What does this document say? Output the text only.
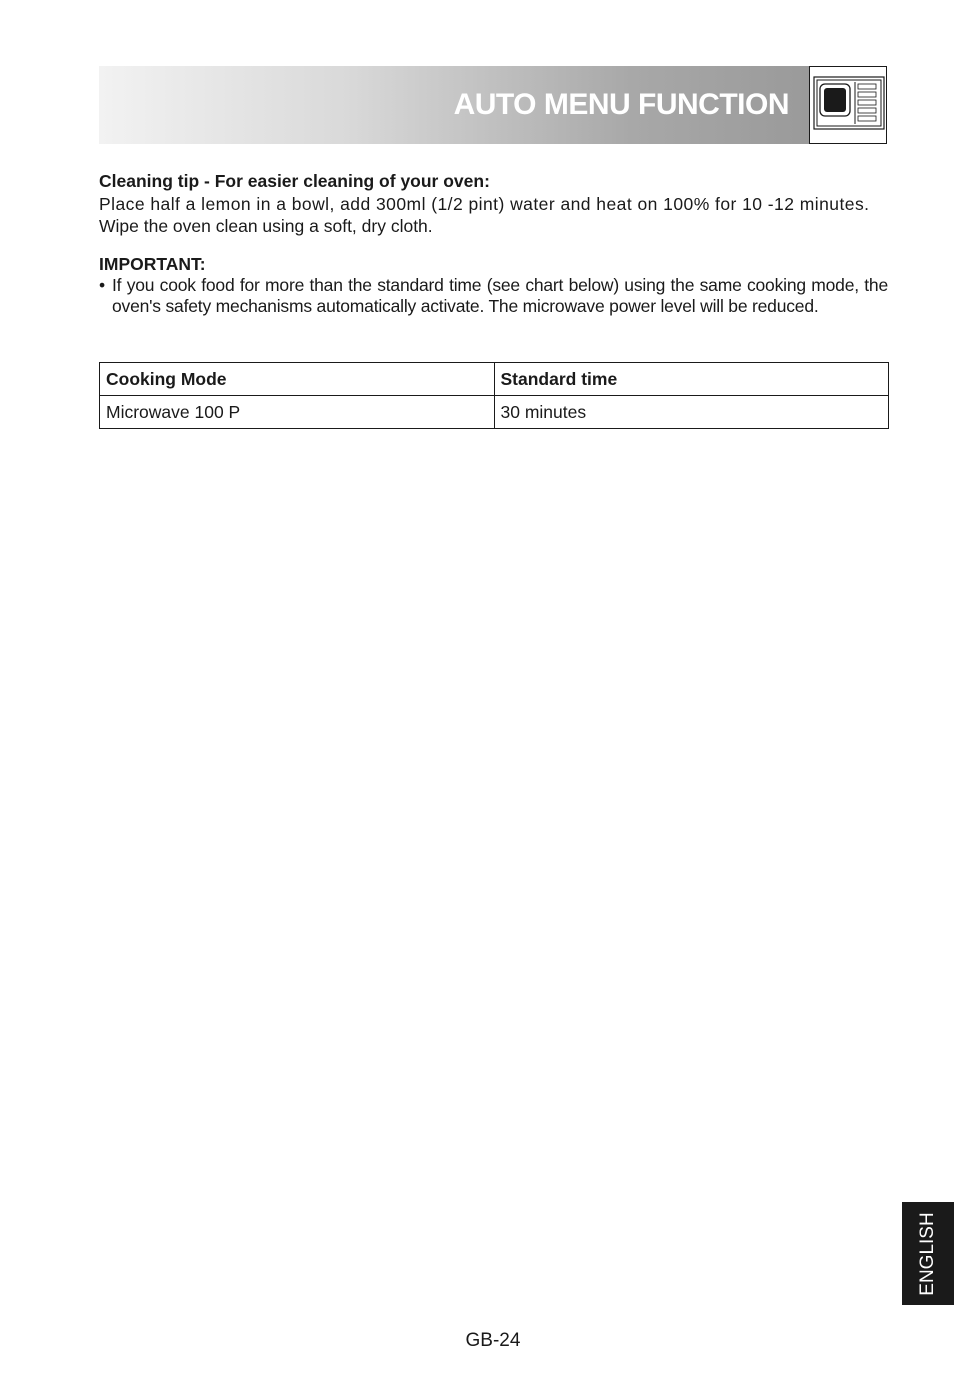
AUTO MENU FUNCTION

Cleaning tip - For easier cleaning of your oven:

Place half a lemon in a bowl, add 300ml (1/2 pint) water and heat on 100% for 10 -12 minutes.

Wipe the oven clean using a soft, dry cloth.

IMPORTANT:

• If you cook food for more than the standard time (see chart below) using the same cooking mode, the oven's safety mechanisms automatically activate. The microwave power level will be reduced.
Cooking Mode	Standard time
Microwave 100 P	30 minutes
ENGLISH
GB-24
